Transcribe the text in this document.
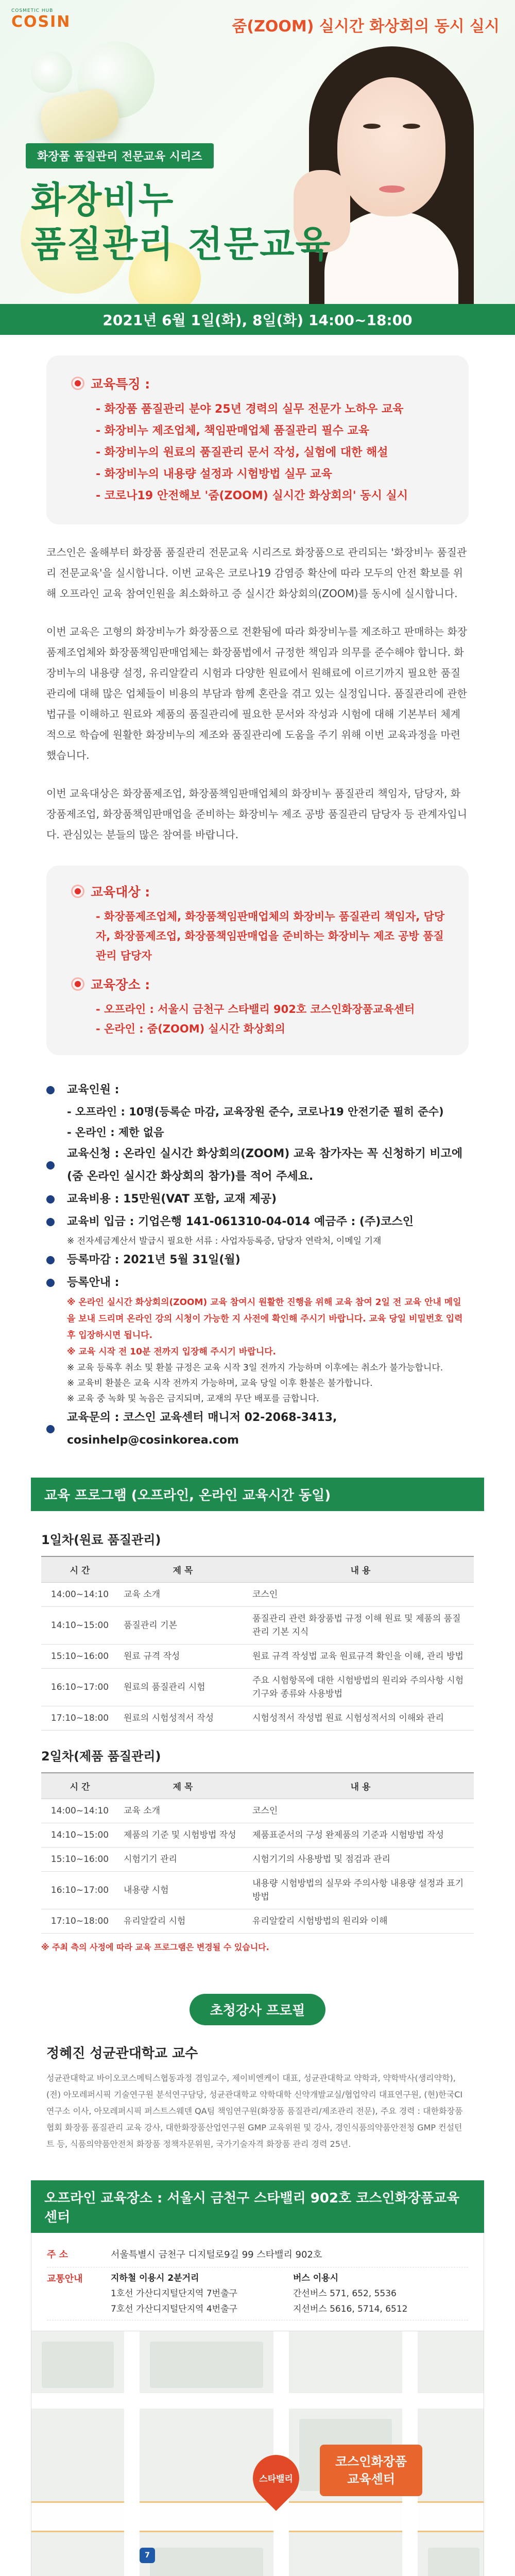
COSMETIC HUB
COSIN	줌(ZOOM) 실시간 화상회의 동시 실시
화장품 품질관리 전문교육 시리즈
화장비누
품질관리 전문교육
2021년 6월 1일(화), 8일(화) 14:00~18:00
교육특징 :
- 화장품 품질관리 분야 25년 경력의 실무 전문가 노하우 교육
- 화장비누 제조업체, 책임판매업체 품질관리 필수 교육
- 화장비누의 원료의 품질관리 문서 작성, 실험에 대한 해설
- 화장비누의 내용량 설정과 시험방법 실무 교육
- 코로나19 안전해보 '줌(ZOOM) 실시간 화상회의' 동시 실시

코스인은 올해부터 화장품 품질관리 전문교육 시리즈로 화장품으로 관리되는 '화장비누 품질관리 전문교육'을 실시합니다. 이번 교육은 코로나19 감염증 확산에 따라 모두의 안전 확보를 위해 오프라인 교육 참여인원을 최소화하고 증 실시간 화상회의(ZOOM)를 동시에 실시합니다.

이번 교육은 고형의 화장비누가 화장품으로 전환됨에 따라 화장비누를 제조하고 판매하는 화장품제조업체와 화장품책임판매업체는 화장품법에서 규정한 책임과 의무를 준수해야 합니다. 화장비누의 내용량 설정, 유리알칼리 시험과 다양한 원료에서 원해료에 이르기까지 필요한 품질관리에 대해 많은 업체들이 비용의 부담과 함께 혼란을 겪고 있는 실정입니다. 품질관리에 관한 법규를 이해하고 원료와 제품의 품질관리에 필요한 문서와 작성과 시험에 대해 기본부터 체계적으로 학습에 원활한 화장비누의 제조와 품질관리에 도움을 주기 위해 이번 교육과정을 마련했습니다.

이번 교육대상은 화장품제조업, 화장품책임판매업체의 화장비누 품질관리 책임자, 담당자, 화장품제조업, 화장품책임판매업을 준비하는 화장비누 제조 공방 품질관리 담당자 등 관계자입니다. 관심있는 분들의 많은 참여를 바랍니다.

교육대상 :
- 화장품제조업체, 화장품책임판매업체의 화장비누 품질관리 책임자, 담당자, 화장품제조업, 화장품책임판매업을 준비하는 화장비누 제조 공방 품질관리 담당자
교육장소 :
- 오프라인 : 서울시 금천구 스타밸리 902호 코스인화장품교육센터
- 온라인 : 줌(ZOOM) 실시간 화상회의
교육인원 :
- 오프라인 : 10명(등록순 마감, 교육장원 준수, 코로나19 안전기준 필히 준수)
- 온라인 : 제한 없음
교육신청 : 온라인 실시간 화상회의(ZOOM) 교육 참가자는 꼭 신청하기 비고에 (줌 온라인 실시간 화상회의 참가)를 적어 주세요.
교육비용 : 15만원(VAT 포함, 교재 제공)
교육비 입금 : 기업은행 141-061310-04-014 예금주 : (주)코스인
※ 전자세금계산서 발급시 필요한 서류 : 사업자등록증, 담당자 연락처, 이메일 기재
등록마감 : 2021년 5월 31일(월)
등록안내 :
※ 온라인 실시간 화상회의(ZOOM) 교육 참여시 원활한 진행을 위해 교육 참여 2일 전 교육 안내 메일을 보내 드리며 온라인 강의 시청이 가능한 지 사전에 확인해 주시기 바랍니다. 교육 당일 비밀번호 입력 후 입장하시면 됩니다.
※ 교육 시작 전 10분 전까지 입장해 주시기 바랍니다.
※ 교육 등록후 취소 및 환불 규정은 교육 시작 3일 전까지 가능하며 이후에는 취소가 불가능합니다.
※ 교육비 환불은 교육 시작 전까지 가능하며, 교육 당일 이후 환불은 불가합니다.
※ 교육 중 녹화 및 녹음은 금지되며, 교재의 무단 배포를 금합니다.
교육문의 : 코스인 교육센터 매니저 02-2068-3413, cosinhelp@cosinkorea.com
교육 프로그램 (오프라인, 온라인 교육시간 동일)
1일차(원료 품질관리)
시 간	제 목	내 용
14:00~14:10	교육 소개	코스인
14:10~15:00	품질관리 기본	품질관리 관련 화장품법 규정 이해 원료 및 제품의 품질관리 기본 지식
15:10~16:00	원료 규격 작성	원료 규격 작성법 교육 원료규격 확인을 이해, 관리 방법
16:10~17:00	원료의 품질관리 시험	주요 시험항목에 대한 시험방법의 원리와 주의사항 시험기구와 종류와 사용방법
17:10~18:00	원료의 시험성적서 작성	시험성적서 작성법 원료 시험성적서의 이해와 관리
2일차(제품 품질관리)
시 간	제 목	내 용
14:00~14:10	교육 소개	코스인
14:10~15:00	제품의 기준 및 시험방법 작성	제품표준서의 구성 완제품의 기준과 시험방법 작성
15:10~16:00	시험기기 관리	시험기기의 사용방법 및 점검과 관리
16:10~17:00	내용량 시험	내용량 시험방법의 실무와 주의사항 내용량 설정과 표기방법
17:10~18:00	유리알칼리 시험	유리알칼리 시험방법의 원리와 이해
※ 주최 측의 사정에 따라 교육 프로그램은 변경될 수 있습니다.
초청강사 프로필
정혜진 성균관대학교 교수
성균관대학교 바이오코스메틱스협동과정 겸임교수, 제이비엔케이 대표, 성균관대학교 약학과, 약학박사(생리약학), (전) 아모레퍼시픽 기술연구원 분석연구담당, 성균관대학교 약학대학 신약개발교실/협업약리 대표연구원, (현)한국CI 연구소 이사, 아모레퍼시픽 퍼스트스웨덴 QA팀 책임연구원(화장품 품질관리/제조관리 전문), 주요 경력 : 대한화장품협회 화장품 품질관리 교육 강사, 대한화장품산업연구원 GMP 교육위원 및 강사, 경인식품의약품안전청 GMP 컨설턴트 등, 식품의약품안전처 화장품 정책자문위원, 국가기술자격 화장품 관리 경력 25년.
오프라인 교육장소 : 서울시 금천구 스타밸리 902호 코스인화장품교육센터
주 소	서울특별시 금천구 디지털로9길 99 스타밸리 902호
교통안내	지하철 이용시 2분거리
1호선 가산디지털단지역 7번출구
7호선 가산디지털단지역 4번출구
버스 이용시
간선버스 571, 652, 5536
지선버스 5616, 5714, 6512
7
스타밸리
코스인화장품
교육센터
